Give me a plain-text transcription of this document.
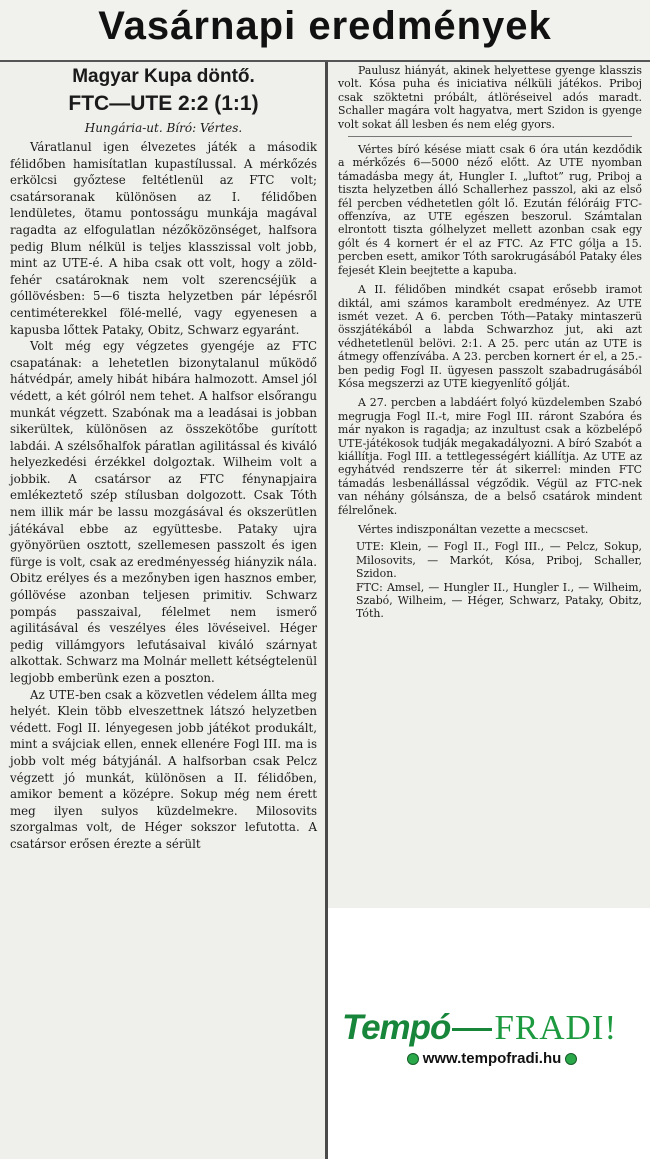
Vasárnapi eredmények
Magyar Kupa döntő.
FTC—UTE 2:2 (1:1)
Hungária-ut. Bíró: Vértes.

Váratlanul igen élvezetes játék a második félidőben hamisítatlan kupastílussal. A mérkőzés erkölcsi győztese feltétlenül az FTC volt; csatársoranak különösen az I. félidőben lendületes, ötamu pontosságu munkája magával ragadta az elfogulatlan nézőközönséget, halfsora pedig Blum nélkül is teljes klasszissal volt jobb, mint az UTE-é. A hiba csak ott volt, hogy a zöld-fehér csatároknak nem volt szerencséjük a góllövésben: 5—6 tiszta helyzetben pár lépésről centiméterekkel fölé-mellé, vagy egyenesen a kapusba lőttek Pataky, Obitz, Schwarz egyaránt.

Volt még egy végzetes gyengéje az FTC csapatának: a lehetetlen bizonytalanul működő hátvédpár, amely hibát hibára halmozott. Amsel jól védett, a két gólról nem tehet. A halfsor elsőrangu munkát végzett. Szabónak ma a leadásai is jobban sikerültek, különösen az összekötőbe gurított labdái. A szélsőhalfok páratlan agilitással és kiváló helyezkedési érzékkel dolgoztak. Wilheim volt a jobbik. A csatársor az FTC fénynapjaira emlékeztető szép stílusban dolgozott. Csak Tóth nem illik már be lassu mozgásával és okszerütlen játékával ebbe az együttesbe. Pataky ujra gyönyörüen osztott, szellemesen passzolt és igen fürge is volt, csak az eredményesség hiányzik nála. Obitz erélyes és a mezőnyben igen hasznos ember, góllövése azonban teljesen primitiv. Schwarz pompás passzaival, félelmet nem ismerő agilitásával és veszélyes éles lövéseivel. Héger pedig villámgyors lefutásaival kiváló szárnyat alkottak. Schwarz ma Molnár mellett kétségtelenül legjobb emberünk ezen a poszton.

Az UTE-ben csak a közvetlen védelem állta meg helyét. Klein több elveszettnek látszó helyzetben védett. Fogl II. lényegesen jobb játékot produkált, mint a svájciak ellen, ennek ellenére Fogl III. ma is jobb volt még bátyjánál. A halfsorban csak Pelcz végzett jó munkát, különösen a II. félidőben, amikor bement a középre. Sokup még nem érett meg ilyen sulyos küzdelmekre. Milosovits szorgalmas volt, de Héger sokszor lefutotta. A csatársor erősen érezte a sérült

Paulusz hiányát, akinek helyettese gyenge klasszis volt. Kósa puha és iniciativa nélküli játékos. Priboj csak szöktetni próbált, átlöréseivel adós maradt. Schaller magára volt hagyatva, mert Szidon is gyenge volt sokat áll lesben és nem elég gyors.

Vértes bíró késése miatt csak 6 óra után kezdődik a mérkőzés 6—5000 néző előtt. Az UTE nyomban támadásba megy át, Hungler I. „luftot” rug, Priboj a tiszta helyzetben álló Schallerhez passzol, aki az első fél percben védhetetlen gólt lő. Ezután félóráig FTC-offenzíva, az UTE egészen beszorul. Számtalan elrontott tiszta gólhelyzet mellett azonban csak egy gólt és 4 kornert ér el az FTC. Az FTC gólja a 15. percben esett, amikor Tóth sarokrugásából Pataky éles fejesét Klein beejtette a kapuba.

A II. félidőben mindkét csapat erősebb iramot diktál, ami számos karambolt eredményez. Az UTE ismét vezet. A 6. percben Tóth—Pataky mintaszerü összjátékából a labda Schwarzhoz jut, aki azt védhetetlenül belövi. 2:1. A 25. perc után az UTE is átmegy offenzívába. A 23. percben kornert ér el, a 25.-ben pedig Fogl II. ügyesen passzolt szabadrugásából Kósa megszerzi az UTE kiegyenlítő gólját.

A 27. percben a labdáért folyó küzdelemben Szabó megrugja Fogl II.-t, mire Fogl III. ráront Szabóra és már nyakon is ragadja; az inzultust csak a közbelépő UTE-játékosok tudják megakadályozni. A bíró Szabót a kiállítja. Fogl III. a tettlegességért kiállítja. Az UTE az egyhátvéd rendszerre tér át sikerrel: minden FTC támadás lesbenállással végződik. Végül az FTC-nek van néhány gólsánsza, de a belső csatárok mindent félrelőnek.

Vértes indiszponáltan vezette a mecscset.

UTE: Klein, — Fogl II., Fogl III., — Pelcz, Sokup, Milosovits, — Markót, Kósa, Priboj, Schaller, Szidon.

FTC: Amsel, — Hungler II., Hungler I., — Wilheim, Szabó, Wilheim, — Héger, Schwarz, Pataky, Obitz, Tóth.

Tempó FRADI!
www.tempofradi.hu
